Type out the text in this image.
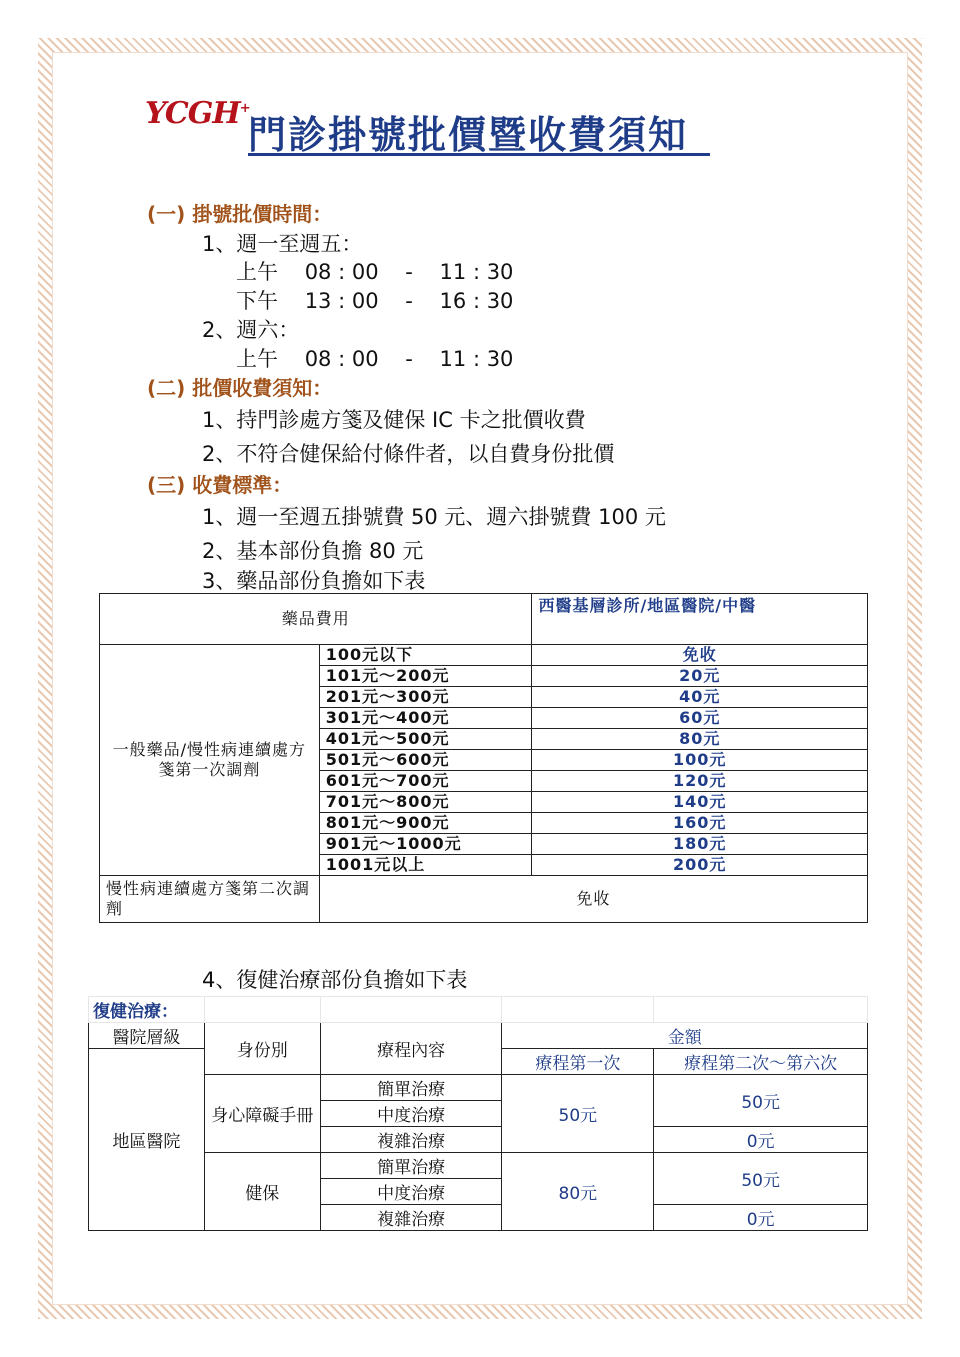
YCGH+
門診掛號批價暨收費須知
(一) 掛號批價時間：
1、週一至週五：
上午    08 : 00    -    11 : 30
下午    13 : 00    -    16 : 30
2、週六：
上午    08 : 00    -    11 : 30
(二) 批價收費須知：
1、持門診處方箋及健保 IC 卡之批價收費
2、不符合健保給付條件者，以自費身份批價
(三) 收費標準：
1、週一至週五掛號費 50 元、週六掛號費 100 元
2、基本部份負擔 80 元
3、藥品部份負擔如下表
藥品費用		西醫基層診所/地區醫院/中醫
一般藥品/慢性病連續處方箋第一次調劑	100元以下	免收
	101元～200元	20元
	201元～300元	40元
	301元～400元	60元
	401元～500元	80元
	501元～600元	100元
	601元～700元	120元
	701元～800元	140元
	801元～900元	160元
	901元～1000元	180元
	1001元以上	200元
慢性病連續處方箋第二次調劑	免收	
4、復健治療部份負擔如下表
復健治療：				
醫院層級	身份別	療程內容	金額	
地區醫院			療程第一次	療程第二次～第六次
	身心障礙手冊	簡單治療	50元	50元
		中度治療		
		複雜治療		0元
	健保	簡單治療	80元	50元
		中度治療		
		複雜治療		0元
